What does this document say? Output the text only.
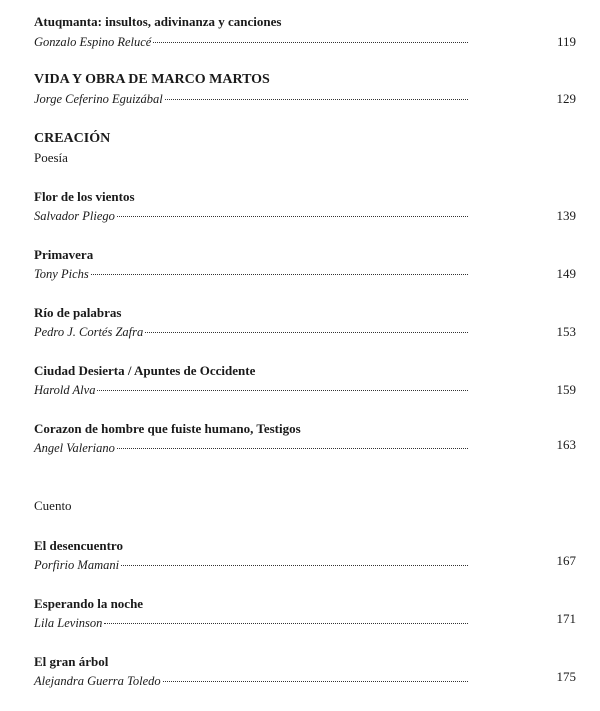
Atuqmanta: insultos, adivinanza y canciones
Gonzalo Espino Relucé	119
VIDA Y OBRA DE MARCO MARTOS
Jorge Ceferino Eguizábal	129
CREACIÓN
Poesía
Flor de los vientos
Salvador Pliego	139
Primavera
Tony Pichs	149
Río de palabras
Pedro J. Cortés Zafra	153
Ciudad Desierta / Apuntes de Occidente
Harold Alva	159
Corazon de hombre que fuiste humano, Testigos
Angel Valeriano	163
Cuento
El desencuentro
Porfirio Mamani	167
Esperando la noche
Lila Levinson	171
El gran árbol
Alejandra Guerra Toledo	175
